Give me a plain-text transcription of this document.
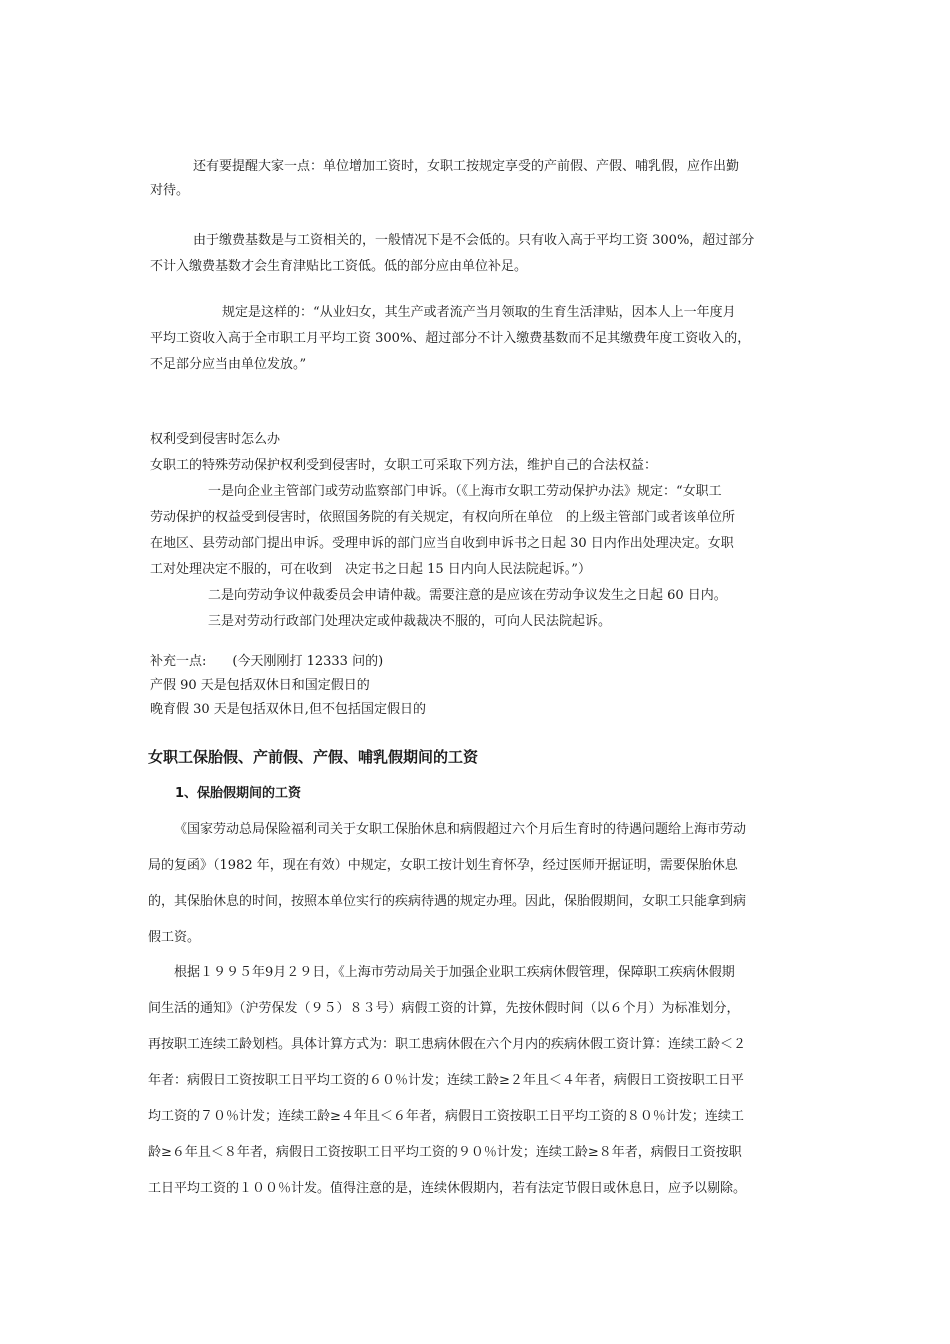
还有要提醒大家一点：单位增加工资时，女职工按规定享受的产前假、产假、哺乳假，应作出勤
对待。
由于缴费基数是与工资相关的，一般情况下是不会低的。只有收入高于平均工资 300%，超过部分
不计入缴费基数才会生育津贴比工资低。低的部分应由单位补足。
规定是这样的：“从业妇女，其生产或者流产当月领取的生育生活津贴，因本人上一年度月
平均工资收入高于全市职工月平均工资 300%、超过部分不计入缴费基数而不足其缴费年度工资收入的，
不足部分应当由单位发放。”
权利受到侵害时怎么办
女职工的特殊劳动保护权利受到侵害时，女职工可采取下列方法，维护自己的合法权益：
一是向企业主管部门或劳动监察部门申诉。（《上海市女职工劳动保护办法》规定：“女职工
劳动保护的权益受到侵害时，依照国务院的有关规定，有权向所在单位　的上级主管部门或者该单位所
在地区、县劳动部门提出申诉。受理申诉的部门应当自收到申诉书之日起 30 日内作出处理决定。女职
工对处理决定不服的，可在收到　决定书之日起 15 日内向人民法院起诉。”）
二是向劳动争议仲裁委员会申请仲裁。需要注意的是应该在劳动争议发生之日起 60 日内。
三是对劳动行政部门处理决定或仲裁裁决不服的，可向人民法院起诉。
补充一点:　　(今天刚刚打 12333 问的)
产假 90 天是包括双休日和国定假日的
晚育假 30 天是包括双休日,但不包括国定假日的
女职工保胎假、产前假、产假、哺乳假期间的工资
1、保胎假期间的工资
《国家劳动总局保险福利司关于女职工保胎休息和病假超过六个月后生育时的待遇问题给上海市劳动
局的复函》（1982 年，现在有效）中规定，女职工按计划生育怀孕，经过医师开据证明，需要保胎休息
的，其保胎休息的时间，按照本单位实行的疾病待遇的规定办理。因此，保胎假期间，女职工只能拿到病
假工资。
根据１９９５年9月２９日，《上海市劳动局关于加强企业职工疾病休假管理，保障职工疾病休假期
间生活的通知》（沪劳保发（９５）８３号）病假工资的计算，先按休假时间（以６个月）为标准划分，
再按职工连续工龄划档。具体计算方式为：职工患病休假在六个月内的疾病休假工资计算：连续工龄＜２
年者：病假日工资按职工日平均工资的６０％计发；连续工龄≥２年且＜４年者，病假日工资按职工日平
均工资的７０％计发；连续工龄≥４年且＜６年者，病假日工资按职工日平均工资的８０％计发；连续工
龄≥６年且＜８年者，病假日工资按职工日平均工资的９０％计发；连续工龄≥８年者，病假日工资按职
工日平均工资的１００％计发。值得注意的是，连续休假期内，若有法定节假日或休息日，应予以剔除。
